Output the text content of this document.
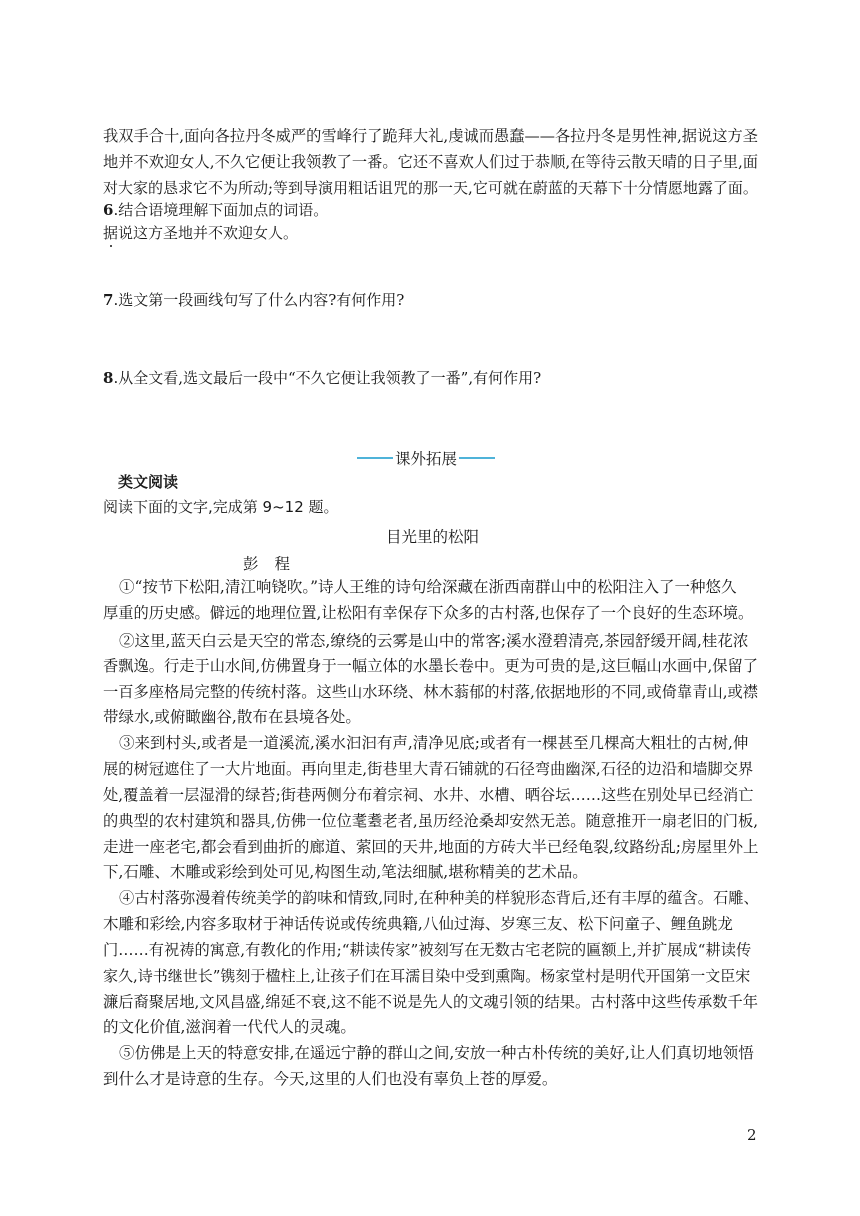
我双手合十,面向各拉丹冬威严的雪峰行了跪拜大礼,虔诚而愚蠢——各拉丹冬是男性神,据说这方圣
地并不欢迎女人,不久它便让我领教了一番。它还不喜欢人们过于恭顺,在等待云散天晴的日子里,面
对大家的恳求它不为所动;等到导演用粗话诅咒的那一天,它可就在蔚蓝的天幕下十分情愿地露了面。
6.结合语境理解下面加点的词语。
据说这方圣地并不欢迎女人。
7.选文第一段画线句写了什么内容?有何作用?
8.从全文看,选文最后一段中“不久它便让我领教了一番”,有何作用?
课外拓展
类文阅读
阅读下面的文字,完成第 9~12 题。
目光里的松阳
彭程
①“按节下松阳,清江响铙吹。”诗人王维的诗句给深藏在浙西南群山中的松阳注入了一种悠久
厚重的历史感。僻远的地理位置,让松阳有幸保存下众多的古村落,也保存了一个良好的生态环境。
②这里,蓝天白云是天空的常态,缭绕的云雾是山中的常客;溪水澄碧清亮,茶园舒缓开阔,桂花浓
香飘逸。行走于山水间,仿佛置身于一幅立体的水墨长卷中。更为可贵的是,这巨幅山水画中,保留了
一百多座格局完整的传统村落。这些山水环绕、林木蓊郁的村落,依据地形的不同,或倚靠青山,或襟
带绿水,或俯瞰幽谷,散布在县境各处。
③来到村头,或者是一道溪流,溪水汩汩有声,清净见底;或者有一棵甚至几棵高大粗壮的古树,伸
展的树冠遮住了一大片地面。再向里走,街巷里大青石铺就的石径弯曲幽深,石径的边沿和墙脚交界
处,覆盖着一层湿滑的绿苔;街巷两侧分布着宗祠、水井、水槽、晒谷坛……这些在别处早已经消亡
的典型的农村建筑和器具,仿佛一位位耄耋老者,虽历经沧桑却安然无恙。随意推开一扇老旧的门板,
走进一座老宅,都会看到曲折的廊道、萦回的天井,地面的方砖大半已经龟裂,纹路纷乱;房屋里外上
下,石雕、木雕或彩绘到处可见,构图生动,笔法细腻,堪称精美的艺术品。
④古村落弥漫着传统美学的韵味和情致,同时,在种种美的样貌形态背后,还有丰厚的蕴含。石雕、
木雕和彩绘,内容多取材于神话传说或传统典籍,八仙过海、岁寒三友、松下问童子、鲤鱼跳龙
门……有祝祷的寓意,有教化的作用;“耕读传家”被刻写在无数古宅老院的匾额上,并扩展成“耕读传
家久,诗书继世长”镌刻于楹柱上,让孩子们在耳濡目染中受到熏陶。杨家堂村是明代开国第一文臣宋
濂后裔聚居地,文风昌盛,绵延不衰,这不能不说是先人的文魂引领的结果。古村落中这些传承数千年
的文化价值,滋润着一代代人的灵魂。
⑤仿佛是上天的特意安排,在遥远宁静的群山之间,安放一种古朴传统的美好,让人们真切地领悟
到什么才是诗意的生存。今天,这里的人们也没有辜负上苍的厚爱。
2
